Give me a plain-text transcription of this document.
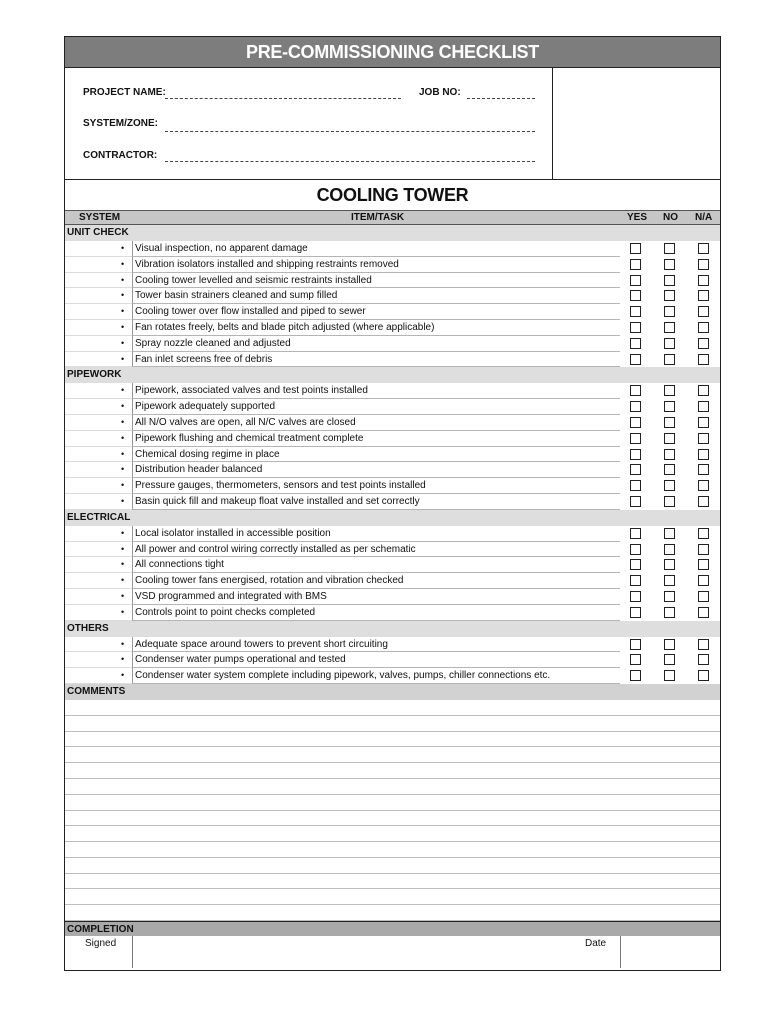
PRE-COMMISSIONING CHECKLIST
PROJECT NAME:	JOB NO:
SYSTEM/ZONE:
CONTRACTOR:
COOLING TOWER
SYSTEM	ITEM/TASK	YES NO N/A
UNIT CHECK
•	Visual inspection, no apparent damage
•	Vibration isolators installed and shipping restraints removed
•	Cooling tower levelled and seismic restraints installed
•	Tower basin strainers cleaned and sump filled
•	Cooling tower over flow installed and piped to sewer
•	Fan rotates freely, belts and blade pitch adjusted (where applicable)
•	Spray nozzle cleaned and adjusted
•	Fan inlet screens free of debris
PIPEWORK
•	Pipework, associated valves and test points installed
•	Pipework adequately supported
•	All N/O valves are open, all N/C valves are closed
•	Pipework flushing and chemical treatment complete
•	Chemical dosing regime in place
•	Distribution header balanced
•	Pressure gauges, thermometers, sensors and test points installed
•	Basin quick fill and makeup float valve installed and set correctly
ELECTRICAL
•	Local isolator installed in accessible position
•	All power and control wiring correctly installed as per schematic
•	All connections tight
•	Cooling tower fans energised, rotation and vibration checked
•	VSD programmed and integrated with BMS
•	Controls point to point checks completed
OTHERS
•	Adequate space around towers to prevent short circuiting
•	Condenser water pumps operational and tested
•	Condenser water system complete including pipework, valves, pumps, chiller connections etc.
COMMENTS
COMPLETION
Signed	Date
